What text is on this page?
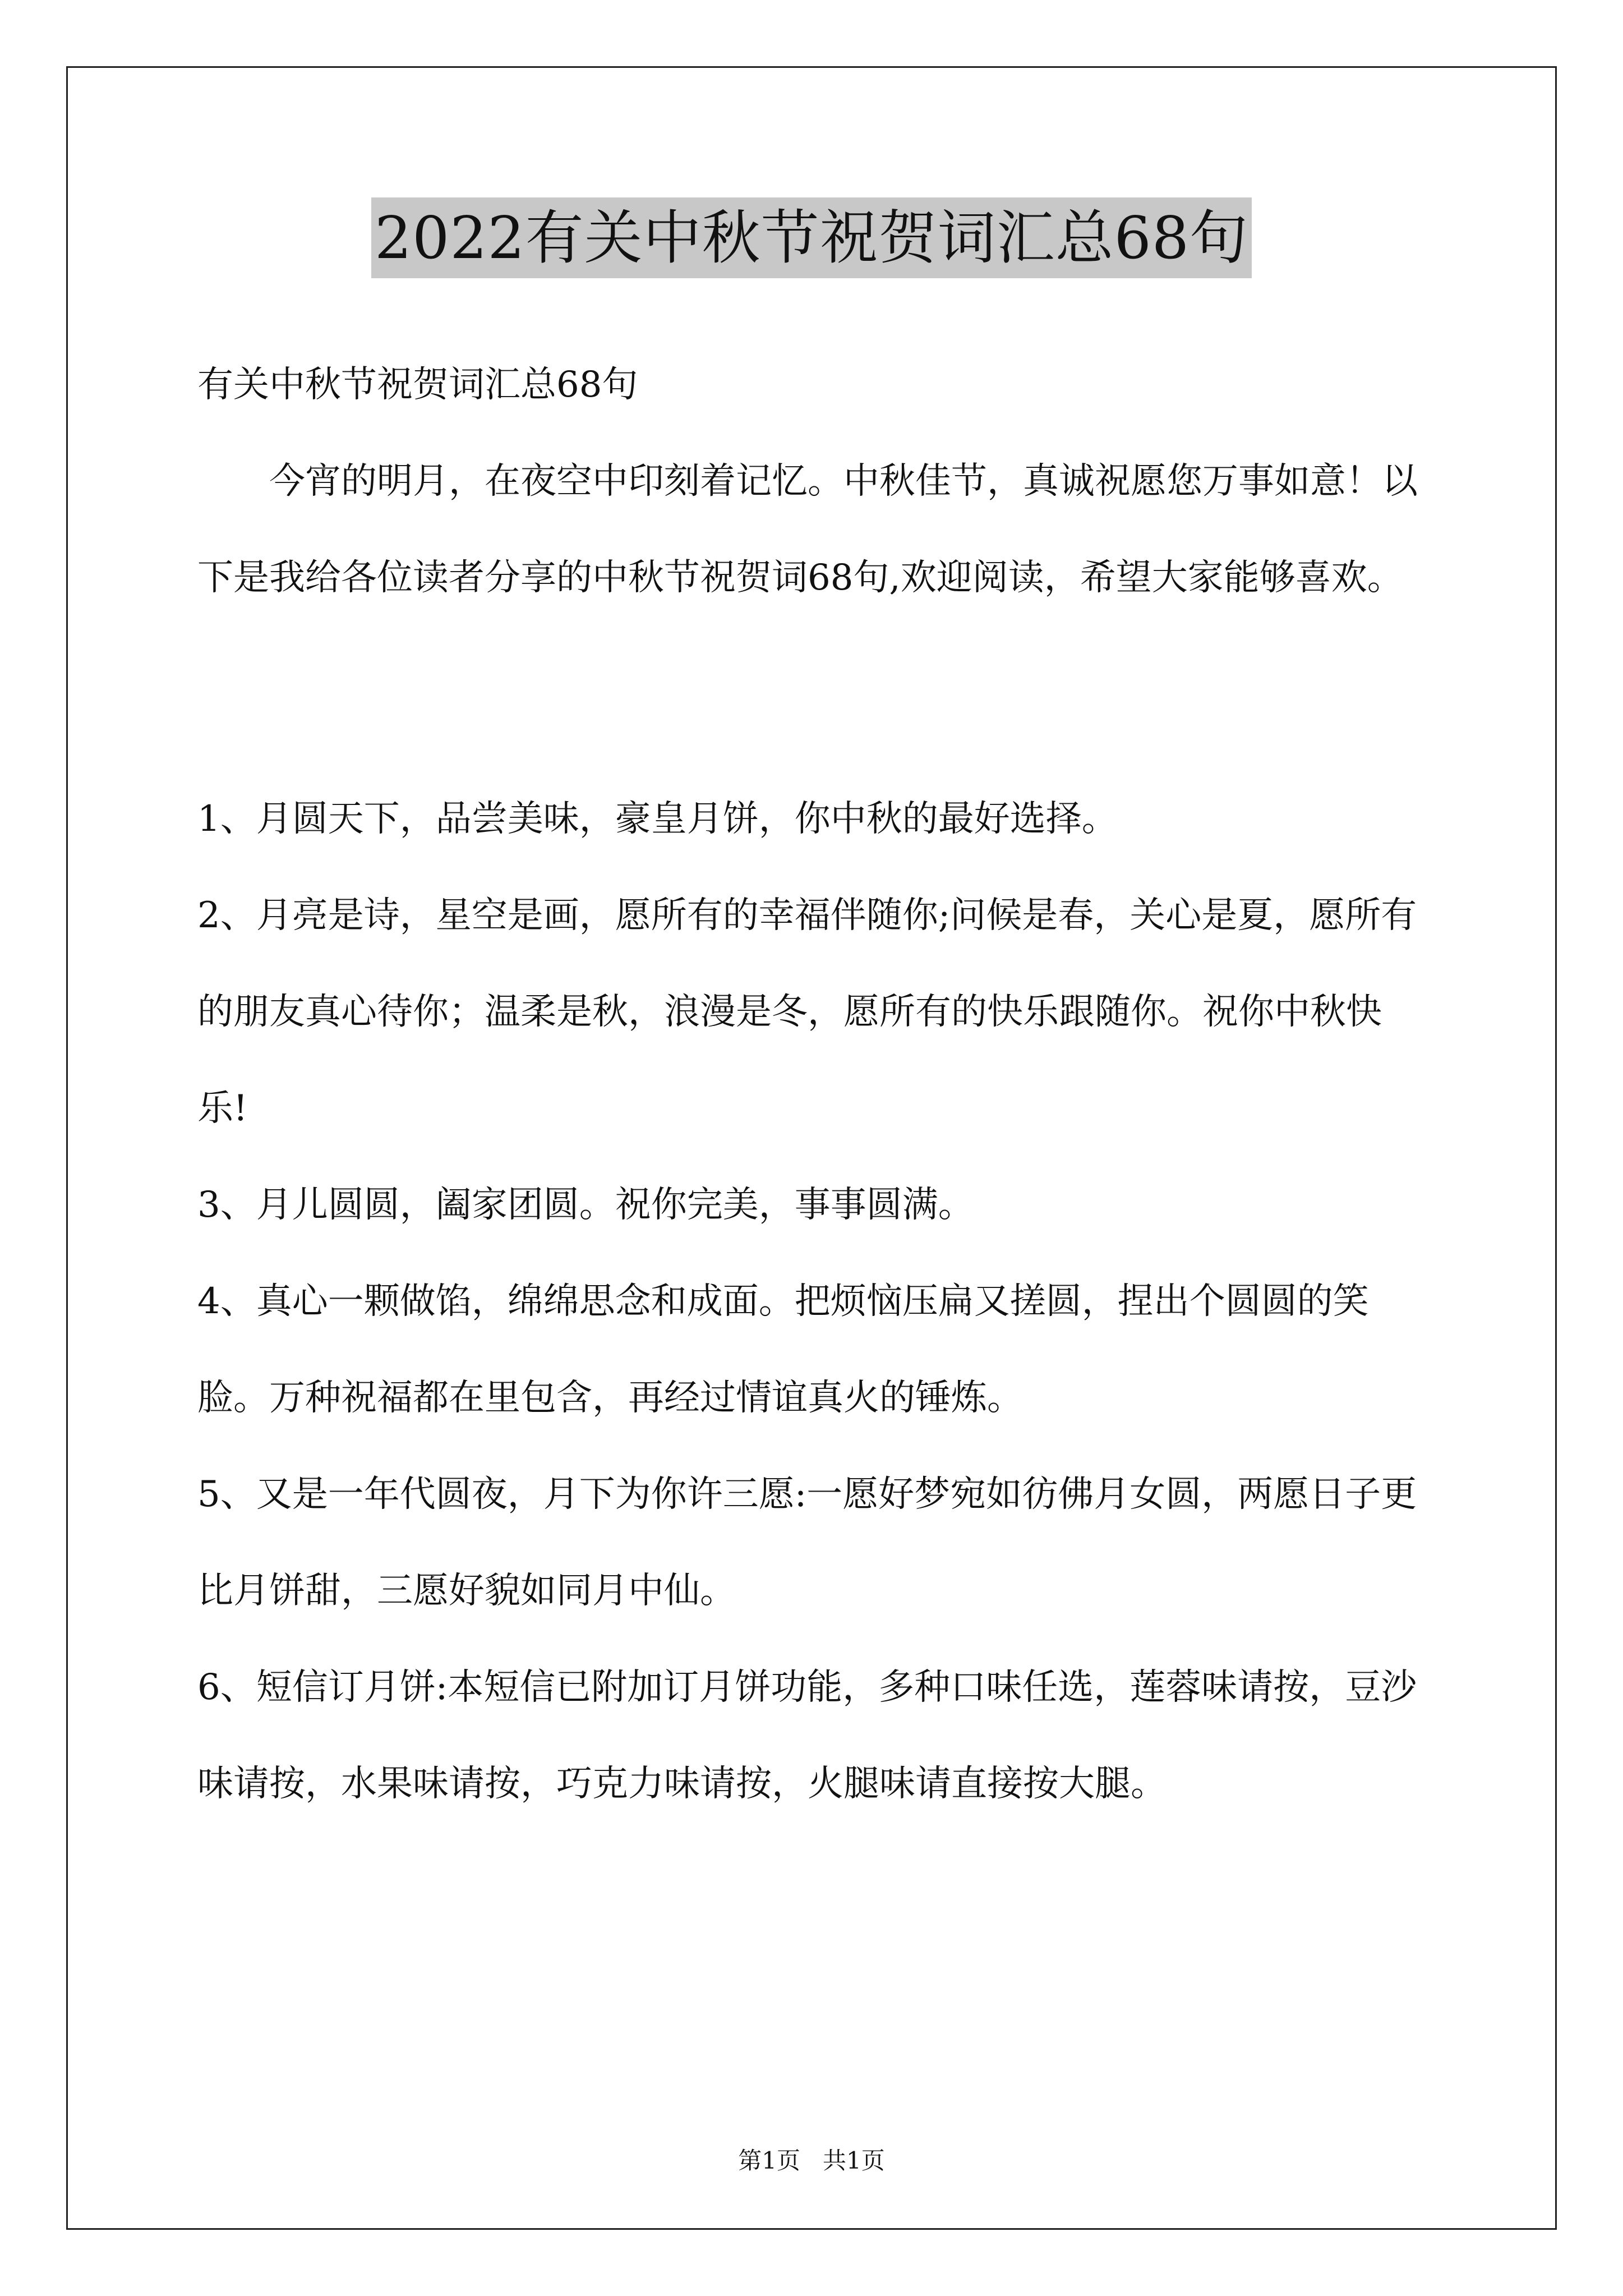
2022有关中秋节祝贺词汇总68句

有关中秋节祝贺词汇总68句

今宵的明月，在夜空中印刻着记忆。中秋佳节，真诚祝愿您万事如意！以下是我给各位读者分享的中秋节祝贺词68句,欢迎阅读，希望大家能够喜欢。

1、月圆天下，品尝美味，豪皇月饼，你中秋的最好选择。

2、月亮是诗，星空是画，愿所有的幸福伴随你;问候是春，关心是夏，愿所有的朋友真心待你；温柔是秋，浪漫是冬，愿所有的快乐跟随你。祝你中秋快乐!

3、月儿圆圆，阖家团圆。祝你完美，事事圆满。

4、真心一颗做馅，绵绵思念和成面。把烦恼压扁又搓圆，捏出个圆圆的笑脸。万种祝福都在里包含，再经过情谊真火的锤炼。

5、又是一年代圆夜，月下为你许三愿:一愿好梦宛如彷佛月女圆，两愿日子更比月饼甜，三愿好貌如同月中仙。

6、短信订月饼:本短信已附加订月饼功能，多种口味任选，莲蓉味请按，豆沙味请按，水果味请按，巧克力味请按，火腿味请直接按大腿。

第1页   共1页
